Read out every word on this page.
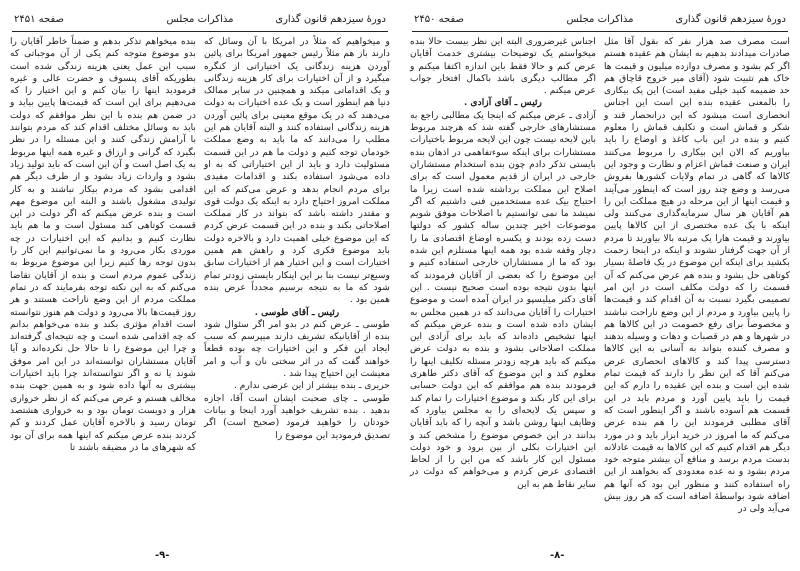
دورهٔ سیزدهم قانون گذاری
مذاکرات مجلس
صفحه ۲۴۵۰

است مصرف صد هزار نفر که بقول آقا مثل صادرات میدادند بدهیم به ایشان هم عقیده هستم اگر کم بشود و مصرف دوازده میلیون و قیمت ها خاک هم تثبیت شود (آقای میر خروج قاچاق هم حد ضمیمه کنید خیلی مفید است) این یک بیکاری را بالمعنی عقیده بنده این است این اجناس انحصاری است میشود که این درانحصار قند و شکر و قماش است و تکلیف قماش را معلوم کنیم و بنده در این باب کاغذ و اوضاع را باید بیاوریم که الان این بیکاری را مربوط می‌کنند ایران و صنعت قماش اعزام و نظارت و وجود این کالاها که گاهی در تمام ولایات کشورها بفروش می‌رسد و وضع چند روز است که اینطور می‌آیند و قیمت اینها از این مرحله در هیچ مملکت این را هم آقایان هر سال سرمایه‌گذاری می‌کنند ولی اینکه با یک عده مختصری از این کالاها پایین بیاورند و قیمت هارا یک مرتبه بالا بیاورند تا مردم از آن جهت گرفتار نشوند و اینکه در اینجا زحمت بکشید برای اینکه این موضوع در یک فاصلهٔ بسیار کوتاهی حل بشود و بنده هم عرض می‌کنم که آن قسمت را که دولت مکلف است در این امر تصمیمی بگیرد نسبت به آن اقدام کند و قیمت‌ها را پایین بیاورد و مردم از این وضع ناراحت نباشند و مخصوصاً برای رفع خصومت در این کالاها هم در شهرها و هم در قصبات و دهات و وسیله بدهند و مصرف کننده بتواند به آسانی به این کالاها دسترسی پیدا کند و کالاهای انحصاری عرض می‌کنم آقا که این نظر را دارند که قیمت تمام شده این است و بنده این عقیده را دارم که این قیمت را باید پایین آورد و مردم باید در این قسمت هم آسوده باشند و اگر اینطور است که آقای مطلبی فرمودند این را هم بنده عرض می‌کنم که ما امروز در خرید ابزار باید و در مورد دیگر هم اقدام کنیم که این کالاها به قیمت عادلانه بدست مردم برسد و منافع آن بیشتر متوجه خود مردم بشود و نه عده معدودی که بخواهند از این راه استفاده کنند و منظور این بود که آنها هم اضافه شود بواسطهٔ اضافه است که هر روز بیش می‌آید ولی در

اجناس غیرضروری البته این نظر بیست حالا بنده میخواستم یک توضیحات بیشتری خدمت آقایان عرض کنم و حالا فقط باین اندازه اکتفا میکنم و اگر مطالب دیگری باشد باکمال افتخار جواب عرض میکنم .

رئیس ـ آقای آزادی .

آزادی ـ عرض میکنم که اینجا یک مطالبی راجع به مستشارهای خارجی گفته شد که هرچند مربوط باین لایحه نیست چون این لایحه مربوط باختیارات مستشارات برای اینکه سوءتفاهمی در اذهان بنده بایستی تذکر دادم چون بنده استخدام مستشاران خارجی در ایران از قدیم معمول است که برای اصلاح این مملکت برداشته شده است زیرا ما احتیاج بیک عده مستخدمین فنی داشتیم که اگر نمیشد ما نمی توانستیم با اصلاحات موفق شویم موضوعات اخیر چندین ساله کشور که دولتها دست زده بودند و یکسره اوضاع اقتصادی ما را دچار وقفه شده بود همه اینها مستلزم این شده بود که ما از مستشاران خارجی استفاده کنیم و این موضوع را که بعضی از آقایان فرمودند که اینها بدون نتیجه بوده است صحیح نیست . این آقای دکتر میلیسپو در ایران آمده است و موضوع اختیارات را آقایان می‌دانند که در همین مجلس به ایشان داده شده است و بنده عرض میکنم که اینها تشخیص داده‌اند که باید برای آزادی این مملکت اصلاحاتی بشود و بنده به دولت عرض میکنم که باید هرچه زودتر مسئله تکلیف اینها را معلوم کند و این موضوع که آقای دکتر طاهری فرمودند بنده هم موافقم که این دولت حسابی برای این کار بکند و موضوع اختیارات را تمام کند و سپس یک لایحه‌ای را به مجلس بیاورد که وظایف اینها روشن باشد و آنچه را که باید آقایان بدانند در این خصوص موضوع را مشخص کند و این اختیارات بکلی از بین برود و خود دولت مسئول این کار باشد که من این را از لحاظ اقتصادی عرض کردم و می‌خواهم که دولت در سایر نقاط هم به این

-۸-
دورهٔ سیزدهم قانون گذاری
مذاکرات مجلس
صفحه ۲۴۵۱

و میخواهیم که مثلاً در امریکا با آن وسائل که دارند باز هم مثلاً رئیس جمهور امریکا برای پائین آوردن هزینه زندگانی یک اختیاراتی از کنگره میگیرد و از آن اختیارات برای کار هزینه زندگانی و یک اقداماتی میکند و همچنین در سایر ممالک دنیا هم اینطور است و یک عده اختیارات به دولت می‌دهند که در یک موقع معینی برای پائین آوردن هزینه زندگانی استفاده کنند و البته آقایان هم این مطلب را می‌دانند که ما باید به وضع مملکت خودمان توجه کنیم و دولت ما هم در این قسمت مسئولیت دارد و باید از این اختیاراتی که به او داده می‌شود استفاده بکند و اقدامات مفیدی برای مردم انجام بدهد و عرض می‌کنم که این مملکت امروز احتیاج دارد به اینکه یک دولت قوی و مقتدر داشته باشد که بتواند در کار مملکت اصلاحاتی بکند و بنده در این قسمت عرض کردم که این موضوع خیلی اهمیت دارد و بالاخره دولت باید موضوع فکری کرد و راهش هم همین اختیارات است و این اختیار هم از اختیارات سابق وسیع‌تر نیست بنا بر این اینکار بایستی زودتر تمام شود که ما به نتیجه برسیم مجدداً عرض بنده همین بود .

رئیس ـ آقای طوسی .

طوسی ـ عرض کنم در بدو امر اگر سئوال شود بنده از آقایانیکه تشریف دارند میپرسم که سبب ایجاد این فکر و این اختیارات چه بوده قطعاً خواهند گفت که در اثر سختی نان و آب و امر معیشت این احتیاج پیدا شد .

حریری ـ بنده بیشتر از این عرضی ندارم .

طوسی ـ چای صحبت ایشان است آقا، اجازه بدهید . بنده تشریف خواهید آورد اینجا و بیانات خودتان را خواهید فرمود (صحیح است) اگر تصدیق فرمودید این موضوع را

بنده میخواهم تذکر بدهم و ضمناً خاطر آقایان را بدو موضوع متوجه کنم یکی از آن موجباتی که سبب این عمل یعنی هزینه زندگی شده است بطوریکه آقای پنسوف و حضرت عالی و غیره فرمودید اینها را بیان کنم و این اختیار را که می‌دهیم برای این است که قیمت‌ها پایین بیاید و در ضمن هم بنده با این نظر موافقم که دولت باید به وسائل مختلف اقدام کند که مردم بتوانند با آرامش زندگی کنند و این مسئله را در نظر بگیرد که گرانی و ارزاق و غیره همه اینها مربوط به یک اصل است و آن این است که باید تولید زیاد بشود و واردات زیاد بشود و از طرف دیگر هم اقدامی بشود که مردم بیکار نباشند و به کار تولیدی مشغول باشند و البته این موضوع مهم است و بنده عرض میکنم که اگر دولت در این قسمت کوتاهی کند مسئول است و ما هم باید نظارت کنیم و بدانیم که این اختیارات در چه موردی بکار می‌رود و ما نمی‌توانیم این کار را بدون توجه رها کنیم زیرا این موضوع مربوط به زندگی عموم مردم است و بنده از آقایان تقاضا می‌کنم که به این نکته توجه بفرمایند که در تمام مملکت مردم از این وضع ناراحت هستند و هر روز قیمت‌ها بالا می‌رود و دولت هم هنوز نتوانسته است اقدام مؤثری بکند و بنده می‌خواهم بدانم که چه اقدامی شده است و چه نتیجه‌ای گرفته‌اند و چرا این موضوع را تا حالا حل نکرده‌اند و آیا آقایان مستشاران توانسته‌اند در این امر موفق شوند یا نه و اگر نتوانسته‌اند چرا باید اختیارات بیشتری به آنها داده شود و به همین جهت بنده مخالف هستم و عرض می‌کنم که از نظر خرواری هزار و دویست تومان بود و به خرواری هشتصد تومان رسید و بالاخره آقایان عمل کردند و کم کردند بنده عرض میکنم که اینها همه برای آن بود که شهرهای ما در مضیقه باشند تا

-۹-
